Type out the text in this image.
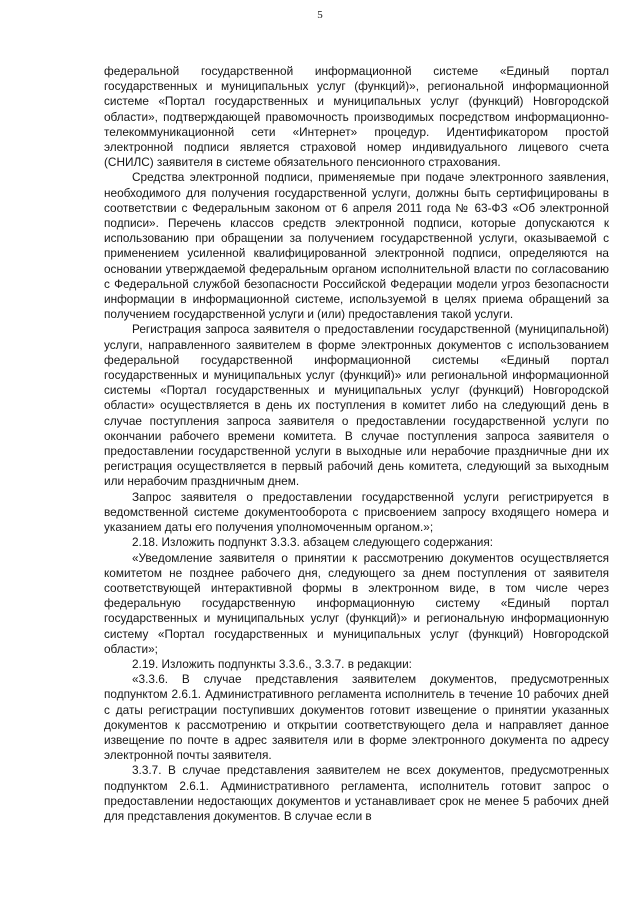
5

федеральной государственной информационной системе «Единый портал государственных и муниципальных услуг (функций)», региональной информационной системе «Портал государственных и муниципальных услуг (функций) Новгородской области», подтверждающей правомочность производимых посредством информационно-телекоммуникационной сети «Интернет» процедур. Идентификатором простой электронной подписи является страховой номер индивидуального лицевого счета (СНИЛС) заявителя в системе обязательного пенсионного страхования.

Средства электронной подписи, применяемые при подаче электронного заявления, необходимого для получения государственной услуги, должны быть сертифицированы в соответствии с Федеральным законом от 6 апреля 2011 года № 63-ФЗ «Об электронной подписи». Перечень классов средств электронной подписи, которые допускаются к использованию при обращении за получением государственной услуги, оказываемой с применением усиленной квалифицированной электронной подписи, определяются на основании утверждаемой федеральным органом исполнительной власти по согласованию с Федеральной службой безопасности Российской Федерации модели угроз безопасности информации в информационной системе, используемой в целях приема обращений за получением государственной услуги и (или) предоставления такой услуги.

Регистрация запроса заявителя о предоставлении государственной (муниципальной) услуги, направленного заявителем в форме электронных документов с использованием федеральной государственной информационной системы «Единый портал государственных и муниципальных услуг (функций)» или региональной информационной системы «Портал государственных и муниципальных услуг (функций) Новгородской области» осуществляется в день их поступления в комитет либо на следующий день в случае поступления запроса заявителя о предоставлении государственной услуги по окончании рабочего времени комитета. В случае поступления запроса заявителя о предоставлении государственной услуги в выходные или нерабочие праздничные дни их регистрация осуществляется в первый рабочий день комитета, следующий за выходным или нерабочим праздничным днем.

Запрос заявителя о предоставлении государственной услуги регистрируется в ведомственной системе документооборота с присвоением запросу входящего номера и указанием даты его получения уполномоченным органом.»;

2.18. Изложить подпункт 3.3.3. абзацем следующего содержания:

«Уведомление заявителя о принятии к рассмотрению документов осуществляется комитетом не позднее рабочего дня, следующего за днем поступления от заявителя соответствующей интерактивной формы в электронном виде, в том числе через федеральную государственную информационную систему «Единый портал государственных и муниципальных услуг (функций)» и региональную информационную систему «Портал государственных и муниципальных услуг (функций) Новгородской области»;

2.19. Изложить подпункты 3.3.6., 3.3.7. в редакции:

«3.3.6. В случае представления заявителем документов, предусмотренных подпунктом 2.6.1. Административного регламента исполнитель в течение 10 рабочих дней с даты регистрации поступивших документов готовит извещение о принятии указанных документов к рассмотрению и открытии соответствующего дела и направляет данное извещение по почте в адрес заявителя или в форме электронного документа по адресу электронной почты заявителя.

3.3.7. В случае представления заявителем не всех документов, предусмотренных подпунктом 2.6.1. Административного регламента, исполнитель готовит запрос о предоставлении недостающих документов и устанавливает срок не менее 5 рабочих дней для представления документов. В случае если в
